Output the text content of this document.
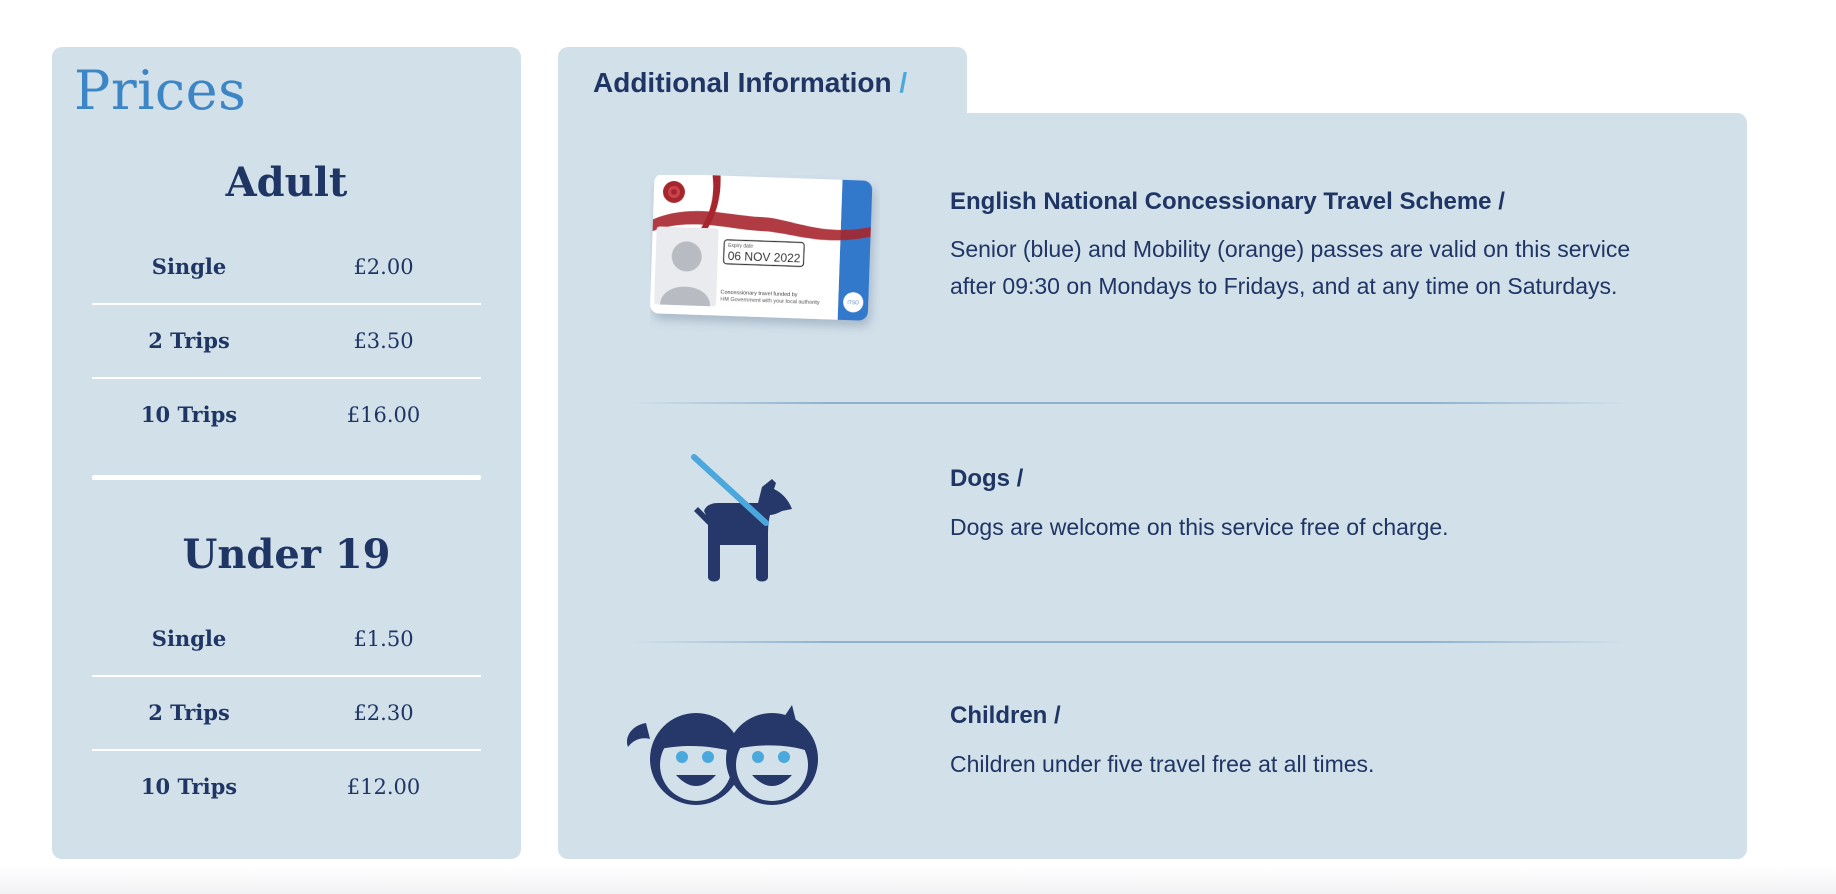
Prices
Adult
Single	£2.00
2 Trips	£3.50
10 Trips	£16.00
Under 19
Single	£1.50
2 Trips	£2.30
10 Trips	£12.00
Additional Information /
Expiry date
06 NOV 2022
Concessionary travel funded by
HM Government with your local authority	ITSO
English National Concessionary Travel Scheme /

Senior (blue) and Mobility (orange) passes are valid on this service after 09:30 on Mondays to Fridays, and at any time on Saturdays.

Dogs /

Dogs are welcome on this service free of charge.

Children /

Children under five travel free at all times.
